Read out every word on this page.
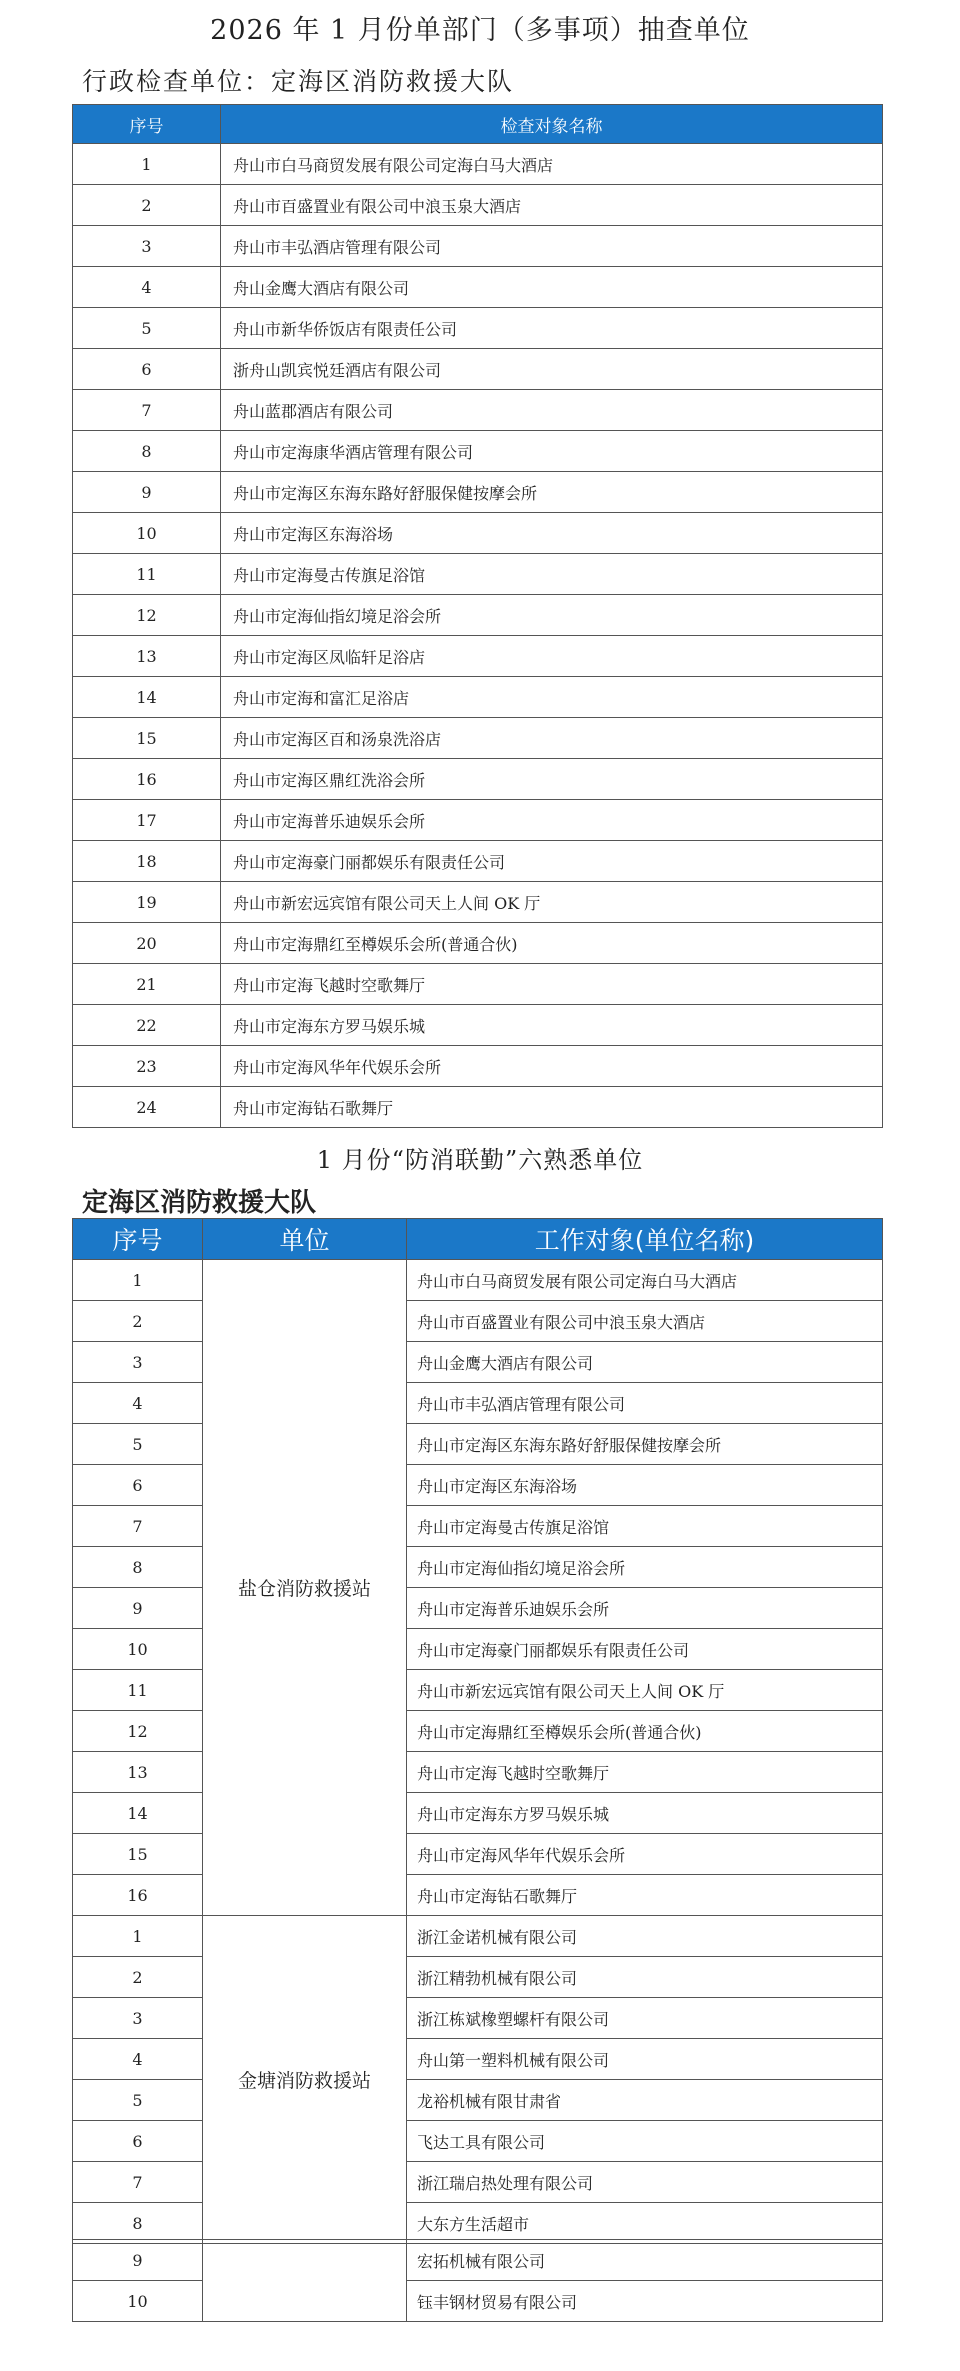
2026 年 1 月份单部门（多事项）抽查单位
行政检查单位：定海区消防救援大队
序号	检查对象名称
1	舟山市白马商贸发展有限公司定海白马大酒店
2	舟山市百盛置业有限公司中浪玉泉大酒店
3	舟山市丰弘酒店管理有限公司
4	舟山金鹰大酒店有限公司
5	舟山市新华侨饭店有限责任公司
6	浙舟山凯宾悦廷酒店有限公司
7	舟山蓝郡酒店有限公司
8	舟山市定海康华酒店管理有限公司
9	舟山市定海区东海东路好舒服保健按摩会所
10	舟山市定海区东海浴场
11	舟山市定海曼古传旗足浴馆
12	舟山市定海仙指幻境足浴会所
13	舟山市定海区凤临轩足浴店
14	舟山市定海和富汇足浴店
15	舟山市定海区百和汤泉洗浴店
16	舟山市定海区鼎红洗浴会所
17	舟山市定海普乐迪娱乐会所
18	舟山市定海豪门丽都娱乐有限责任公司
19	舟山市新宏远宾馆有限公司天上人间 OK 厅
20	舟山市定海鼎红至樽娱乐会所(普通合伙)
21	舟山市定海飞越时空歌舞厅
22	舟山市定海东方罗马娱乐城
23	舟山市定海风华年代娱乐会所
24	舟山市定海钻石歌舞厅
1 月份“防消联勤”六熟悉单位
定海区消防救援大队
序号	单位	工作对象(单位名称)
1	盐仓消防救援站	舟山市白马商贸发展有限公司定海白马大酒店
2		舟山市百盛置业有限公司中浪玉泉大酒店
3		舟山金鹰大酒店有限公司
4		舟山市丰弘酒店管理有限公司
5		舟山市定海区东海东路好舒服保健按摩会所
6		舟山市定海区东海浴场
7		舟山市定海曼古传旗足浴馆
8		舟山市定海仙指幻境足浴会所
9		舟山市定海普乐迪娱乐会所
10		舟山市定海豪门丽都娱乐有限责任公司
11		舟山市新宏远宾馆有限公司天上人间 OK 厅
12		舟山市定海鼎红至樽娱乐会所(普通合伙)
13		舟山市定海飞越时空歌舞厅
14		舟山市定海东方罗马娱乐城
15		舟山市定海风华年代娱乐会所
16		舟山市定海钻石歌舞厅
1	金塘消防救援站	浙江金诺机械有限公司
2		浙江精勃机械有限公司
3		浙江栋斌橡塑螺杆有限公司
4		舟山第一塑料机械有限公司
5		龙裕机械有限甘肃省
6		飞达工具有限公司
7		浙江瑞启热处理有限公司
8		大东方生活超市
9		宏拓机械有限公司
10		钰丰钢材贸易有限公司
